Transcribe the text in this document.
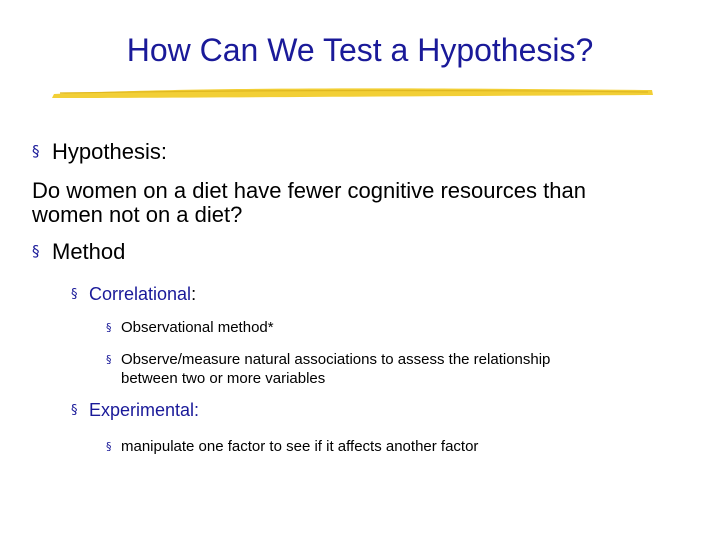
How Can We Test a Hypothesis?
§ Hypothesis:
Do women on a diet have fewer cognitive resources than
women not on a diet?
§ Method
§ Correlational:
§ Observational method*
§ Observe/measure natural associations to assess the relationship
between two or more variables
§ Experimental:
§ manipulate one factor to see if it affects another factor
